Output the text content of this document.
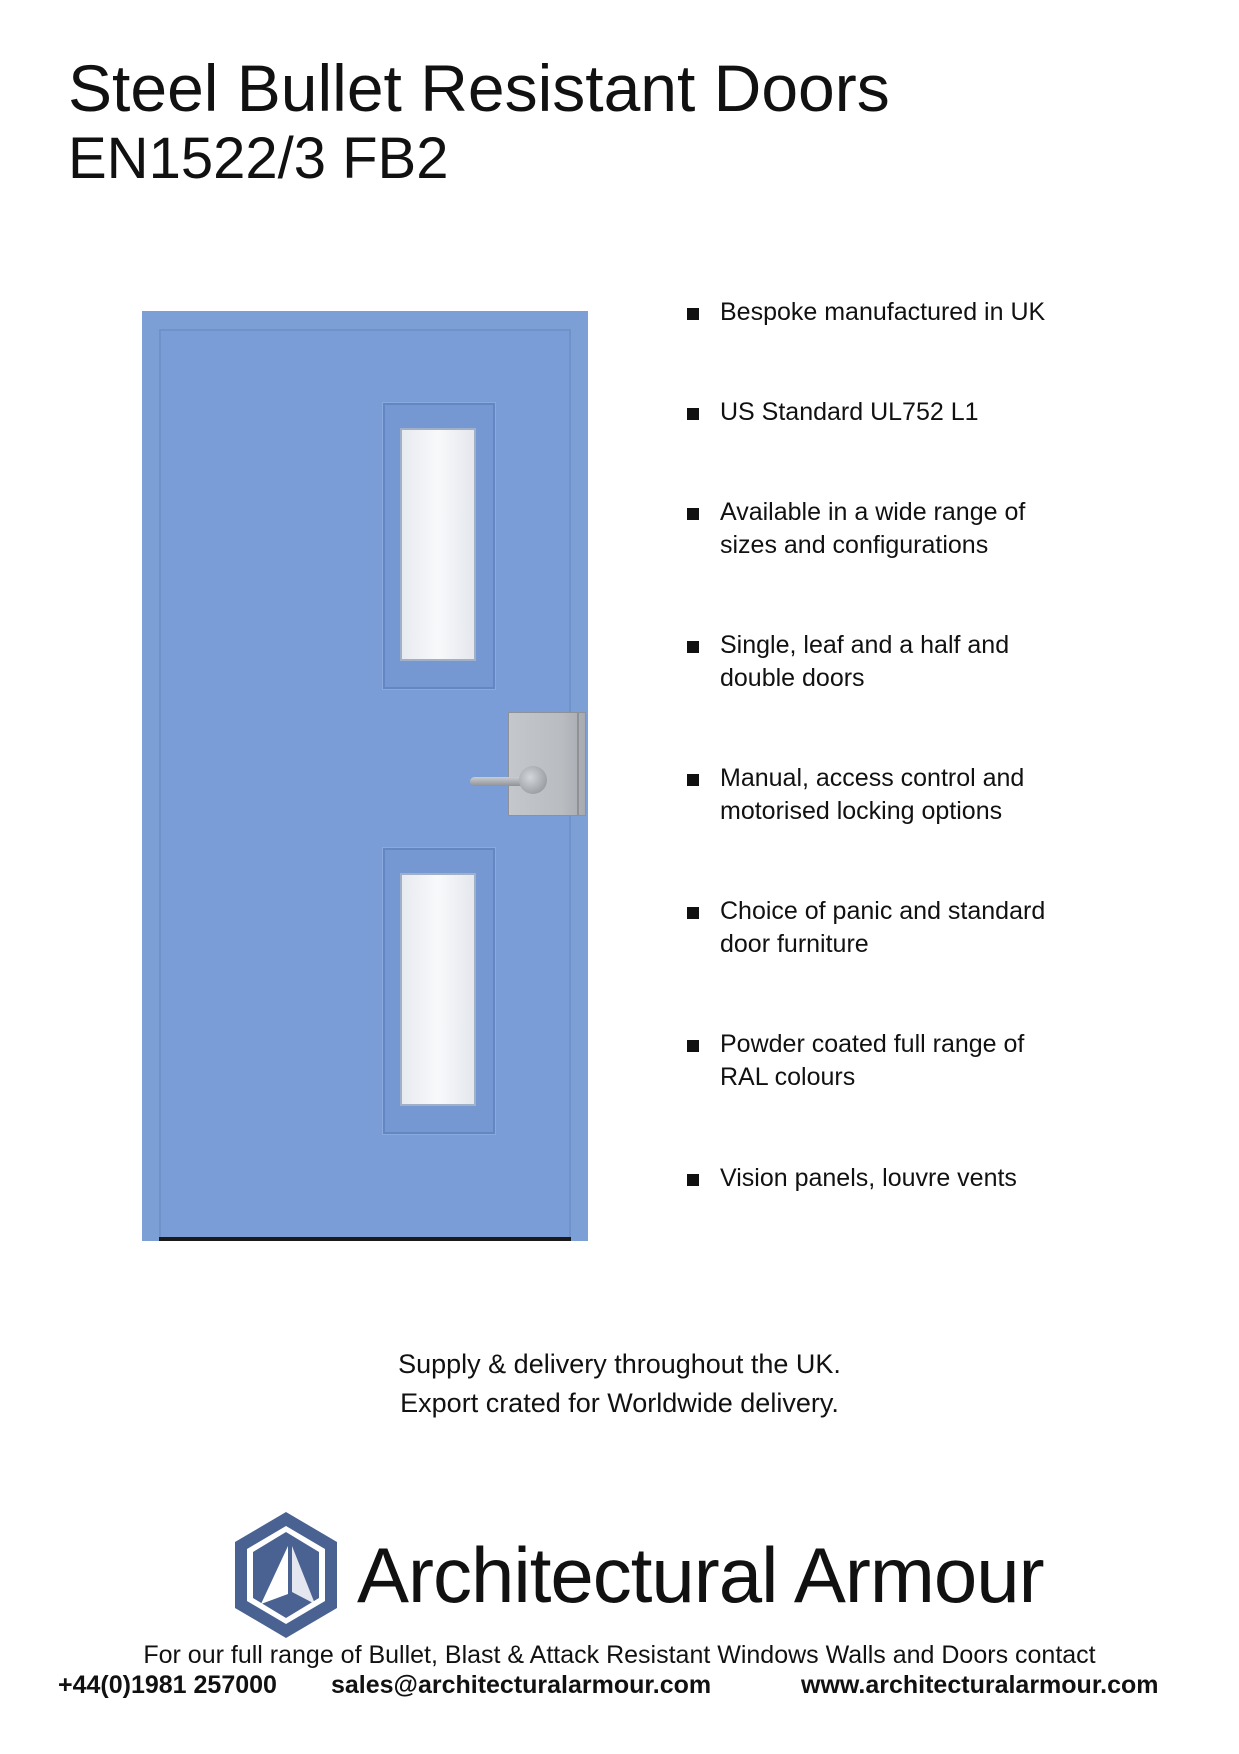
Steel Bullet Resistant Doors
EN1522/3 FB2
Bespoke manufactured in UK
US Standard UL752 L1
Available in a wide range of
sizes and configurations
Single, leaf and a half and
double doors
Manual, access control and
motorised locking options
Choice of panic and standard
door furniture
Powder coated full range of
RAL colours
Vision panels, louvre vents
Supply & delivery throughout the UK.
Export crated for Worldwide delivery.
Architectural Armour
For our full range of Bullet, Blast & Attack Resistant Windows Walls and Doors contact
+44(0)1981 257000 sales@architecturalarmour.com	www.architecturalarmour.com
